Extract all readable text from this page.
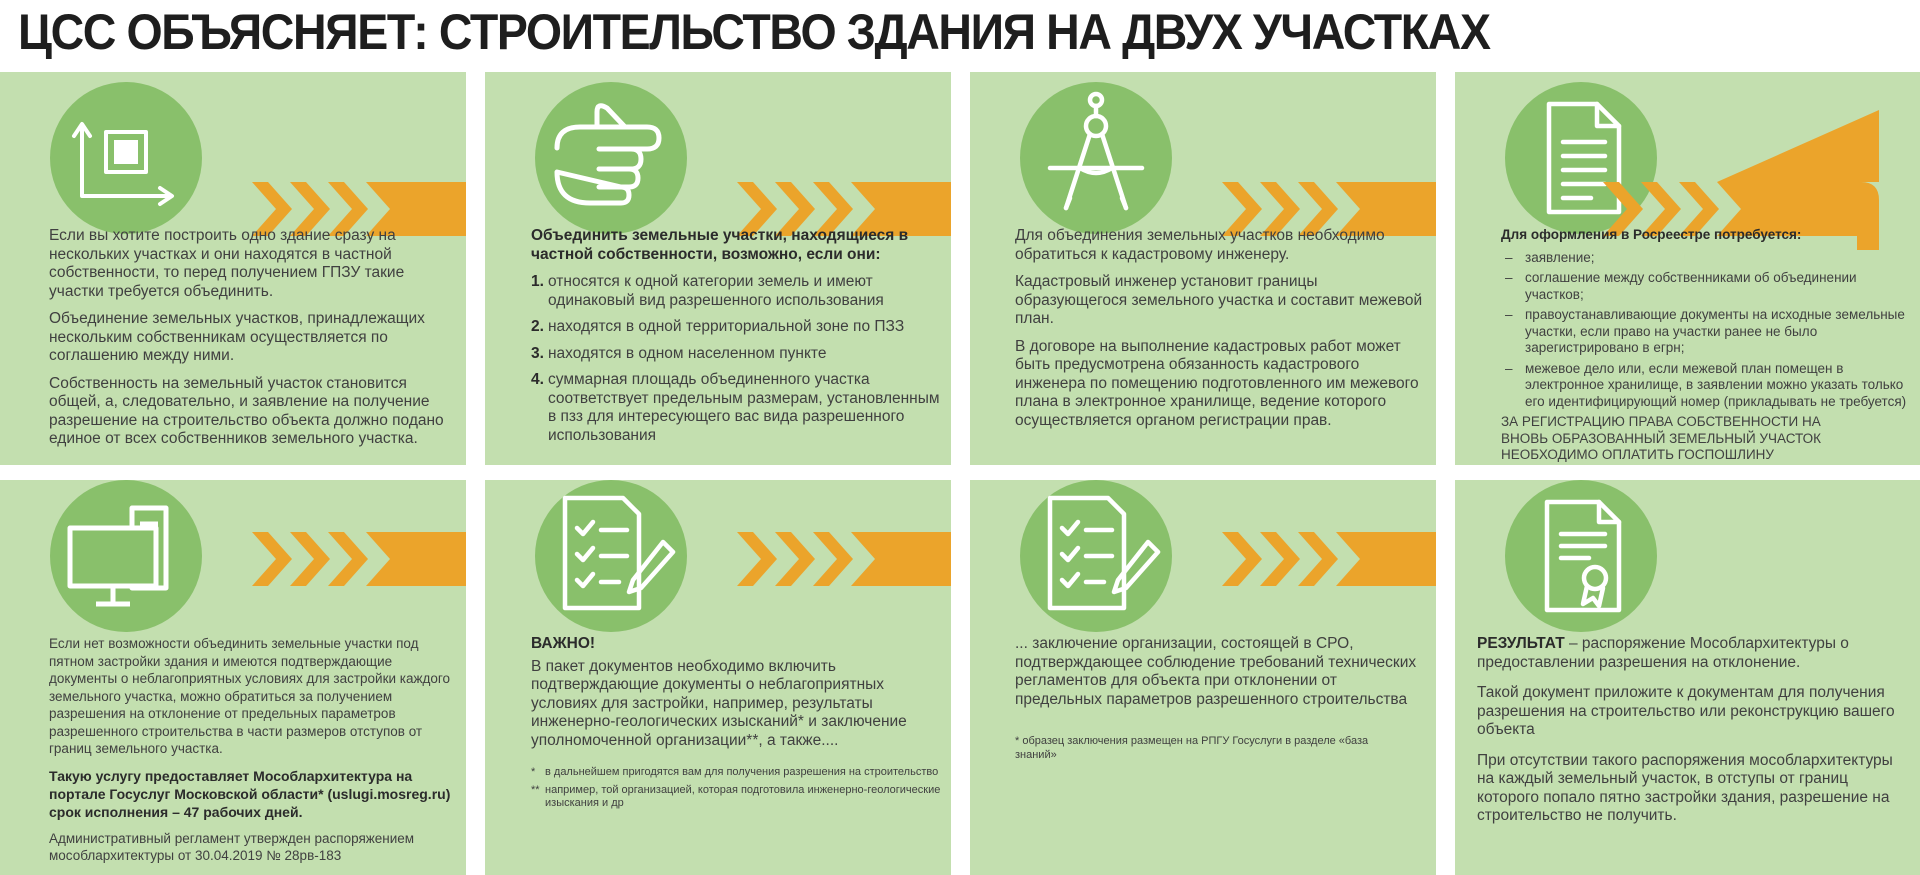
ЦСС ОБЪЯСНЯЕТ: СТРОИТЕЛЬСТВО ЗДАНИЯ НА ДВУХ УЧАСТКАХ

Если вы хотите построить одно здание сразу на нескольких участках и они находятся в частной собственности, то перед получением ГПЗУ такие участки требуется объединить.

Объединение земельных участков, принадлежащих нескольким собственникам осуществляется по соглашению между ними.

Собственность на земельный участок становится общей, а, следовательно, и заявление на получение разрешение на строительство объекта должно подано единое от всех собственников земельного участка.

Объединить земельные участки, находящиеся в частной собственности, возможно, если они:

1. относятся к одной категории земель и имеют одинаковый вид разрешенного использования
2. находятся в одной территориальной зоне по ПЗЗ
3. находятся в одном населенном пункте
4. суммарная площадь объединенного участка соответствует предельным размерам, установленным в пзз для интересующего вас вида разрешенного использования

Для объединения земельных участков необходимо обратиться к кадастровому инженеру.

Кадастровый инженер установит границы образующегося земельного участка и составит межевой план.

В договоре на выполнение кадастровых работ может быть предусмотрена обязанность кадастрового инженера по помещению подготовленного им межевого плана в электронное хранилище, ведение которого осуществляется органом регистрации прав.

Для оформления в Росреестре потребуется:

– заявление;
– соглашение между собственниками об объединении участков;
– правоустанавливающие документы на исходные земельные участки, если право на участки ранее не было зарегистрировано в егрн;
– межевое дело или, если межевой план помещен в электронное хранилище, в заявлении можно указать только его идентифицирующий номер (прикладывать не требуется)

ЗА РЕГИСТРАЦИЮ ПРАВА СОБСТВЕННОСТИ НА ВНОВЬ ОБРАЗОВАННЫЙ ЗЕМЕЛЬНЫЙ УЧАСТОК НЕОБХОДИМО ОПЛАТИТЬ ГОСПОШЛИНУ

Если нет возможности объединить земельные участки под пятном застройки здания и имеются подтверждающие документы о неблагоприятных условиях для застройки каждого земельного участка, можно обратиться за получением разрешения на отклонение от предельных параметров разрешенного строительства в части размеров отступов от границ земельного участка.

Такую услугу предоставляет Мособлархитектура на портале Госуслуг Московской области* (uslugi.mosreg.ru) срок исполнения – 47 рабочих дней.

Административный регламент утвержден распоряжением мособлархитектуры от 30.04.2019 № 28рв-183

ВАЖНО!

В пакет документов необходимо включить подтверждающие документы о неблагоприятных условиях для застройки, например, результаты инженерно-геологических изысканий* и заключение уполномоченной организации**, а также....

* в дальнейшем пригодятся вам для получения разрешения на строительство
** например, той организацией, которая подготовила инженерно-геологические изыскания и др

... заключение организации, состоящей в СРО, подтверждающее соблюдение требований технических регламентов для объекта при отклонении от предельных параметров разрешенного строительства

* образец заключения размещен на РПГУ Госуслуги в разделе «база знаний»

РЕЗУЛЬТАТ – распоряжение Мособлархитектуры о предоставлении разрешения на отклонение.

Такой документ приложите к документам для получения разрешения на строительство или реконструкцию вашего объекта

При отсутствии такого распоряжения мособлархитектуры на каждый земельный участок, в отступы от границ которого попало пятно застройки здания, разрешение на строительство не получить.
